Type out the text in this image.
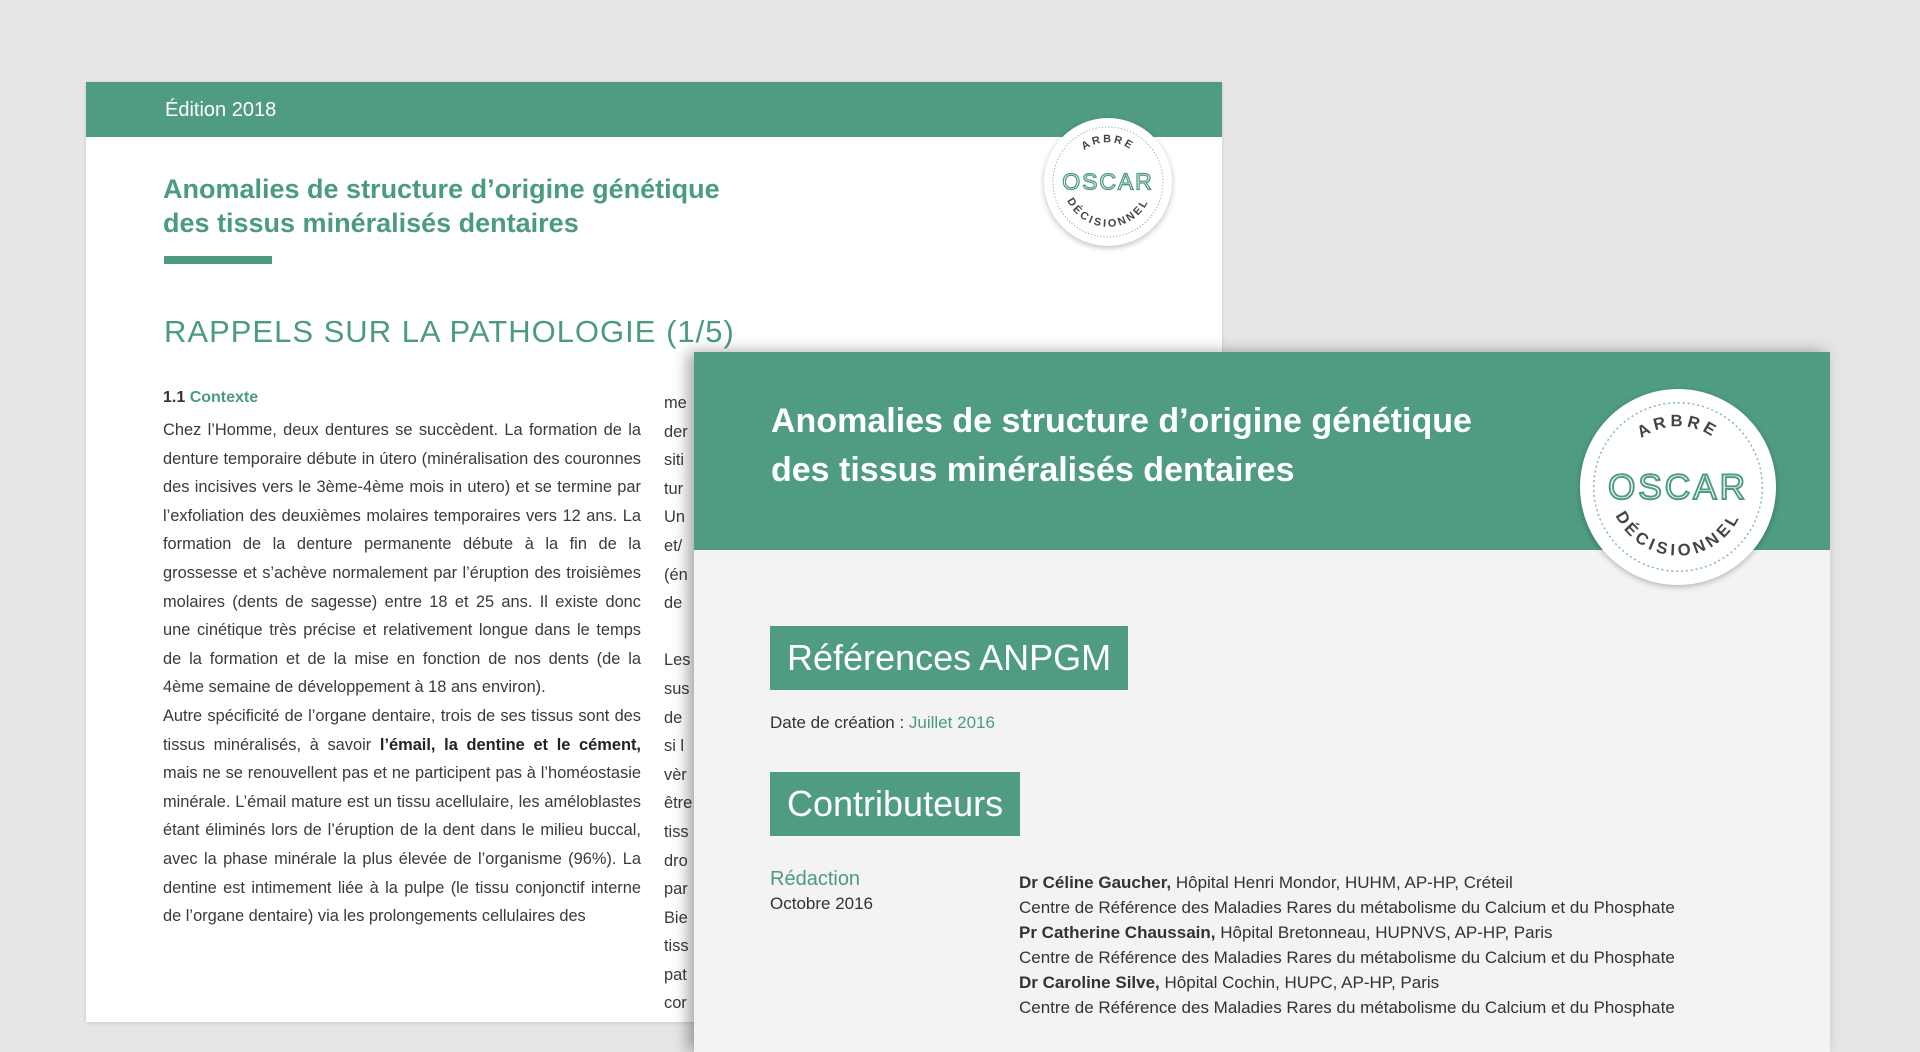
Édition 2018
Anomalies de structure d’origine génétique
des tissus minéralisés dentaires
RAPPELS SUR LA PATHOLOGIE (1/5)
1.1 Contexte
Chez l’Homme, deux dentures se succèdent. La formation de la denture temporaire débute in útero (minéralisation des couronnes des incisives vers le 3ème-4ème mois in utero) et se termine par l’exfoliation des deuxièmes molaires temporaires vers 12 ans. La formation de la denture permanente débute à la fin de la grossesse et s’achève normalement par l’éruption des troisièmes molaires (dents de sagesse) entre 18 et 25 ans. Il existe donc une cinétique très précise et relativement longue dans le temps de la formation et de la mise en fonction de nos dents (de la 4ème semaine de développement à 18 ans environ).
Autre spécificité de l’organe dentaire, trois de ses tissus sont des tissus minéralisés, à savoir l’émail, la dentine et le cément, mais ne se renouvellent pas et ne participent pas à l’homéostasie minérale. L’émail mature est un tissu acellulaire, les améloblastes étant éliminés lors de l’éruption de la dent dans le milieu buccal, avec la phase minérale la plus élevée de l’organisme (96%). La dentine est intimement liée à la pulpe (le tissu conjonctif interne de l’organe dentaire) via les prolongements cellulaires des
me
der
siti
tur
Un
et/
(én
de
Les
sus
de
si l
vèr
être
tiss
dro
par
Bie
tiss
pat
cor
ARBRE
DÉCISIONNEL
OSCAR
Anomalies de structure d’origine génétique
des tissus minéralisés dentaires
ARBRE
DÉCISIONNEL
OSCAR
Références ANPGM
Date de création : Juillet 2016
Contributeurs
Rédaction
Octobre 2016
Dr Céline Gaucher, Hôpital Henri Mondor, HUHM, AP-HP, Créteil
Centre de Référence des Maladies Rares du métabolisme du Calcium et du Phosphate
Pr Catherine Chaussain, Hôpital Bretonneau, HUPNVS, AP-HP, Paris
Centre de Référence des Maladies Rares du métabolisme du Calcium et du Phosphate
Dr Caroline Silve, Hôpital Cochin, HUPC, AP-HP, Paris
Centre de Référence des Maladies Rares du métabolisme du Calcium et du Phosphate
